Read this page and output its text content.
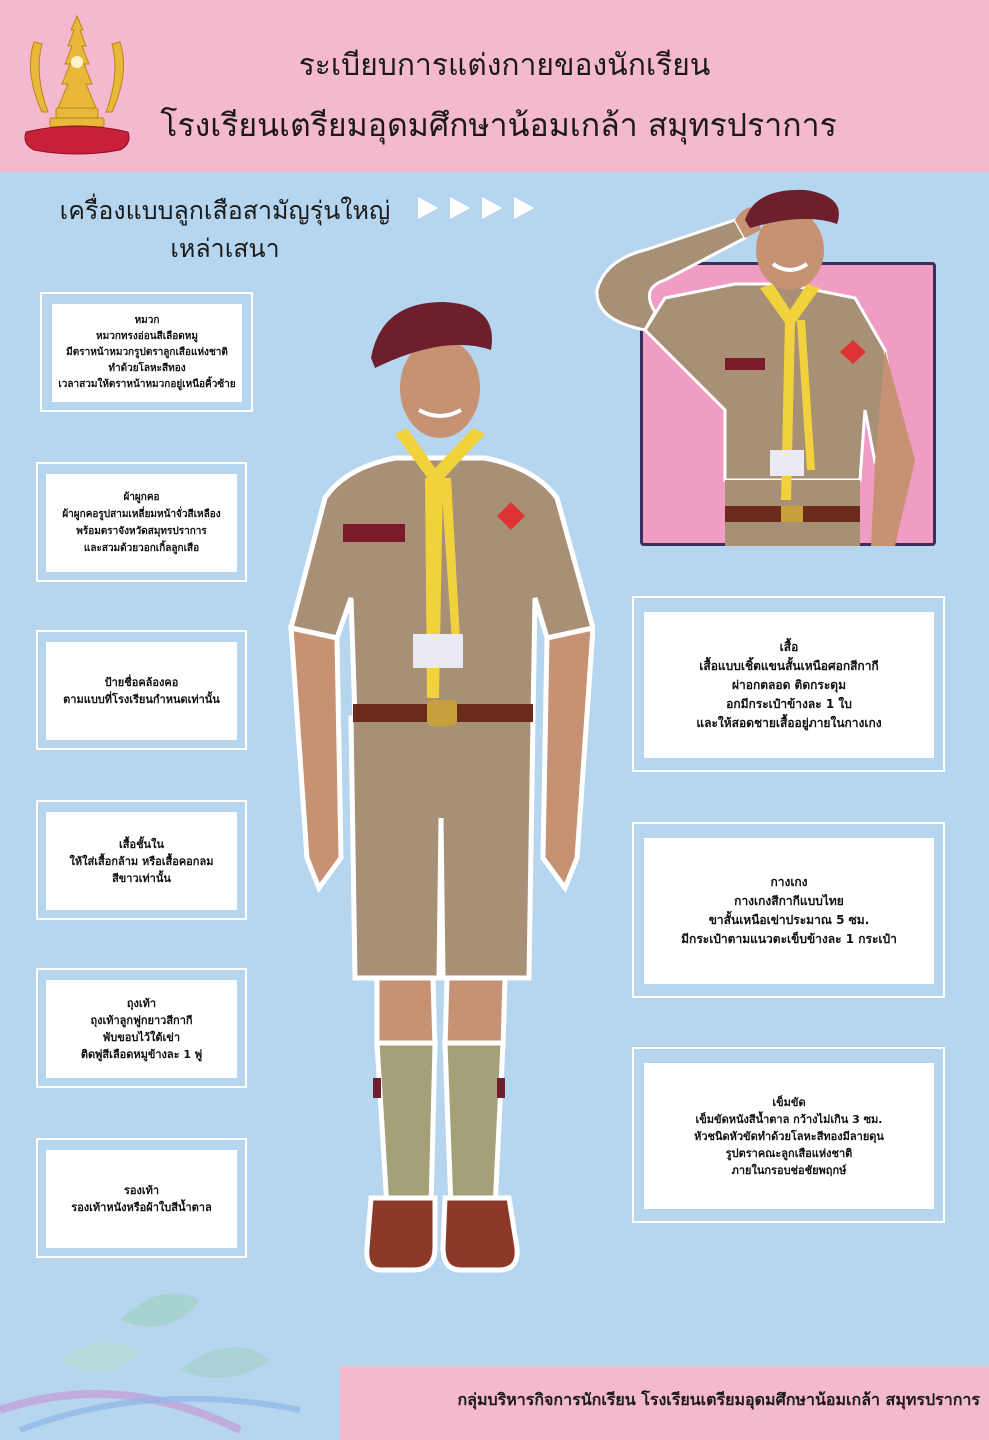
ระเบียบการแต่งกายของนักเรียน
โรงเรียนเตรียมอุดมศึกษาน้อมเกล้า สมุทรปราการ
เครื่องแบบลูกเสือสามัญรุ่นใหญ่
เหล่าเสนา
หมวก
หมวกทรงอ่อนสีเลือดหมู
มีตราหน้าหมวกรูปตราลูกเสือแห่งชาติ
ทำด้วยโลหะสีทอง
เวลาสวมให้ตราหน้าหมวกอยู่เหนือคิ้วซ้าย
ผ้าผูกคอ
ผ้าผูกคอรูปสามเหลี่ยมหน้าจั่วสีเหลือง
พร้อมตราจังหวัดสมุทรปราการ
และสวมด้วยวอกเกิ้ลลูกเสือ
ป้ายชื่อคล้องคอ
ตามแบบที่โรงเรียนกำหนดเท่านั้น
เสื้อชั้นใน
ให้ใส่เสื้อกล้าม หรือเสื้อคอกลม
สีขาวเท่านั้น
ถุงเท้า
ถุงเท้าลูกฟูกยาวสีกากี
พับขอบไว้ใต้เข่า
ติดพู่สีเลือดหมูข้างละ 1 พู่
รองเท้า
รองเท้าหนังหรือผ้าใบสีน้ำตาล
เสื้อ
เสื้อแบบเชิ้ตแขนสั้นเหนือศอกสีกากี
ผ่าอกตลอด ติดกระดุม
อกมีกระเป๋าข้างละ 1 ใบ
และให้สอดชายเสื้ออยู่ภายในกางเกง
กางเกง
กางเกงสีกากีแบบไทย
ขาสั้นเหนือเข่าประมาณ 5 ซม.
มีกระเป๋าตามแนวตะเข็บข้างละ 1 กระเป๋า
เข็มขัด
เข็มขัดหนังสีน้ำตาล กว้างไม่เกิน 3 ซม.
หัวชนิดหัวขัดทำด้วยโลหะสีทองมีลายดุน
รูปตราคณะลูกเสือแห่งชาติ
ภายในกรอบช่อชัยพฤกษ์
กลุ่มบริหารกิจการนักเรียน โรงเรียนเตรียมอุดมศึกษาน้อมเกล้า สมุทรปราการ
